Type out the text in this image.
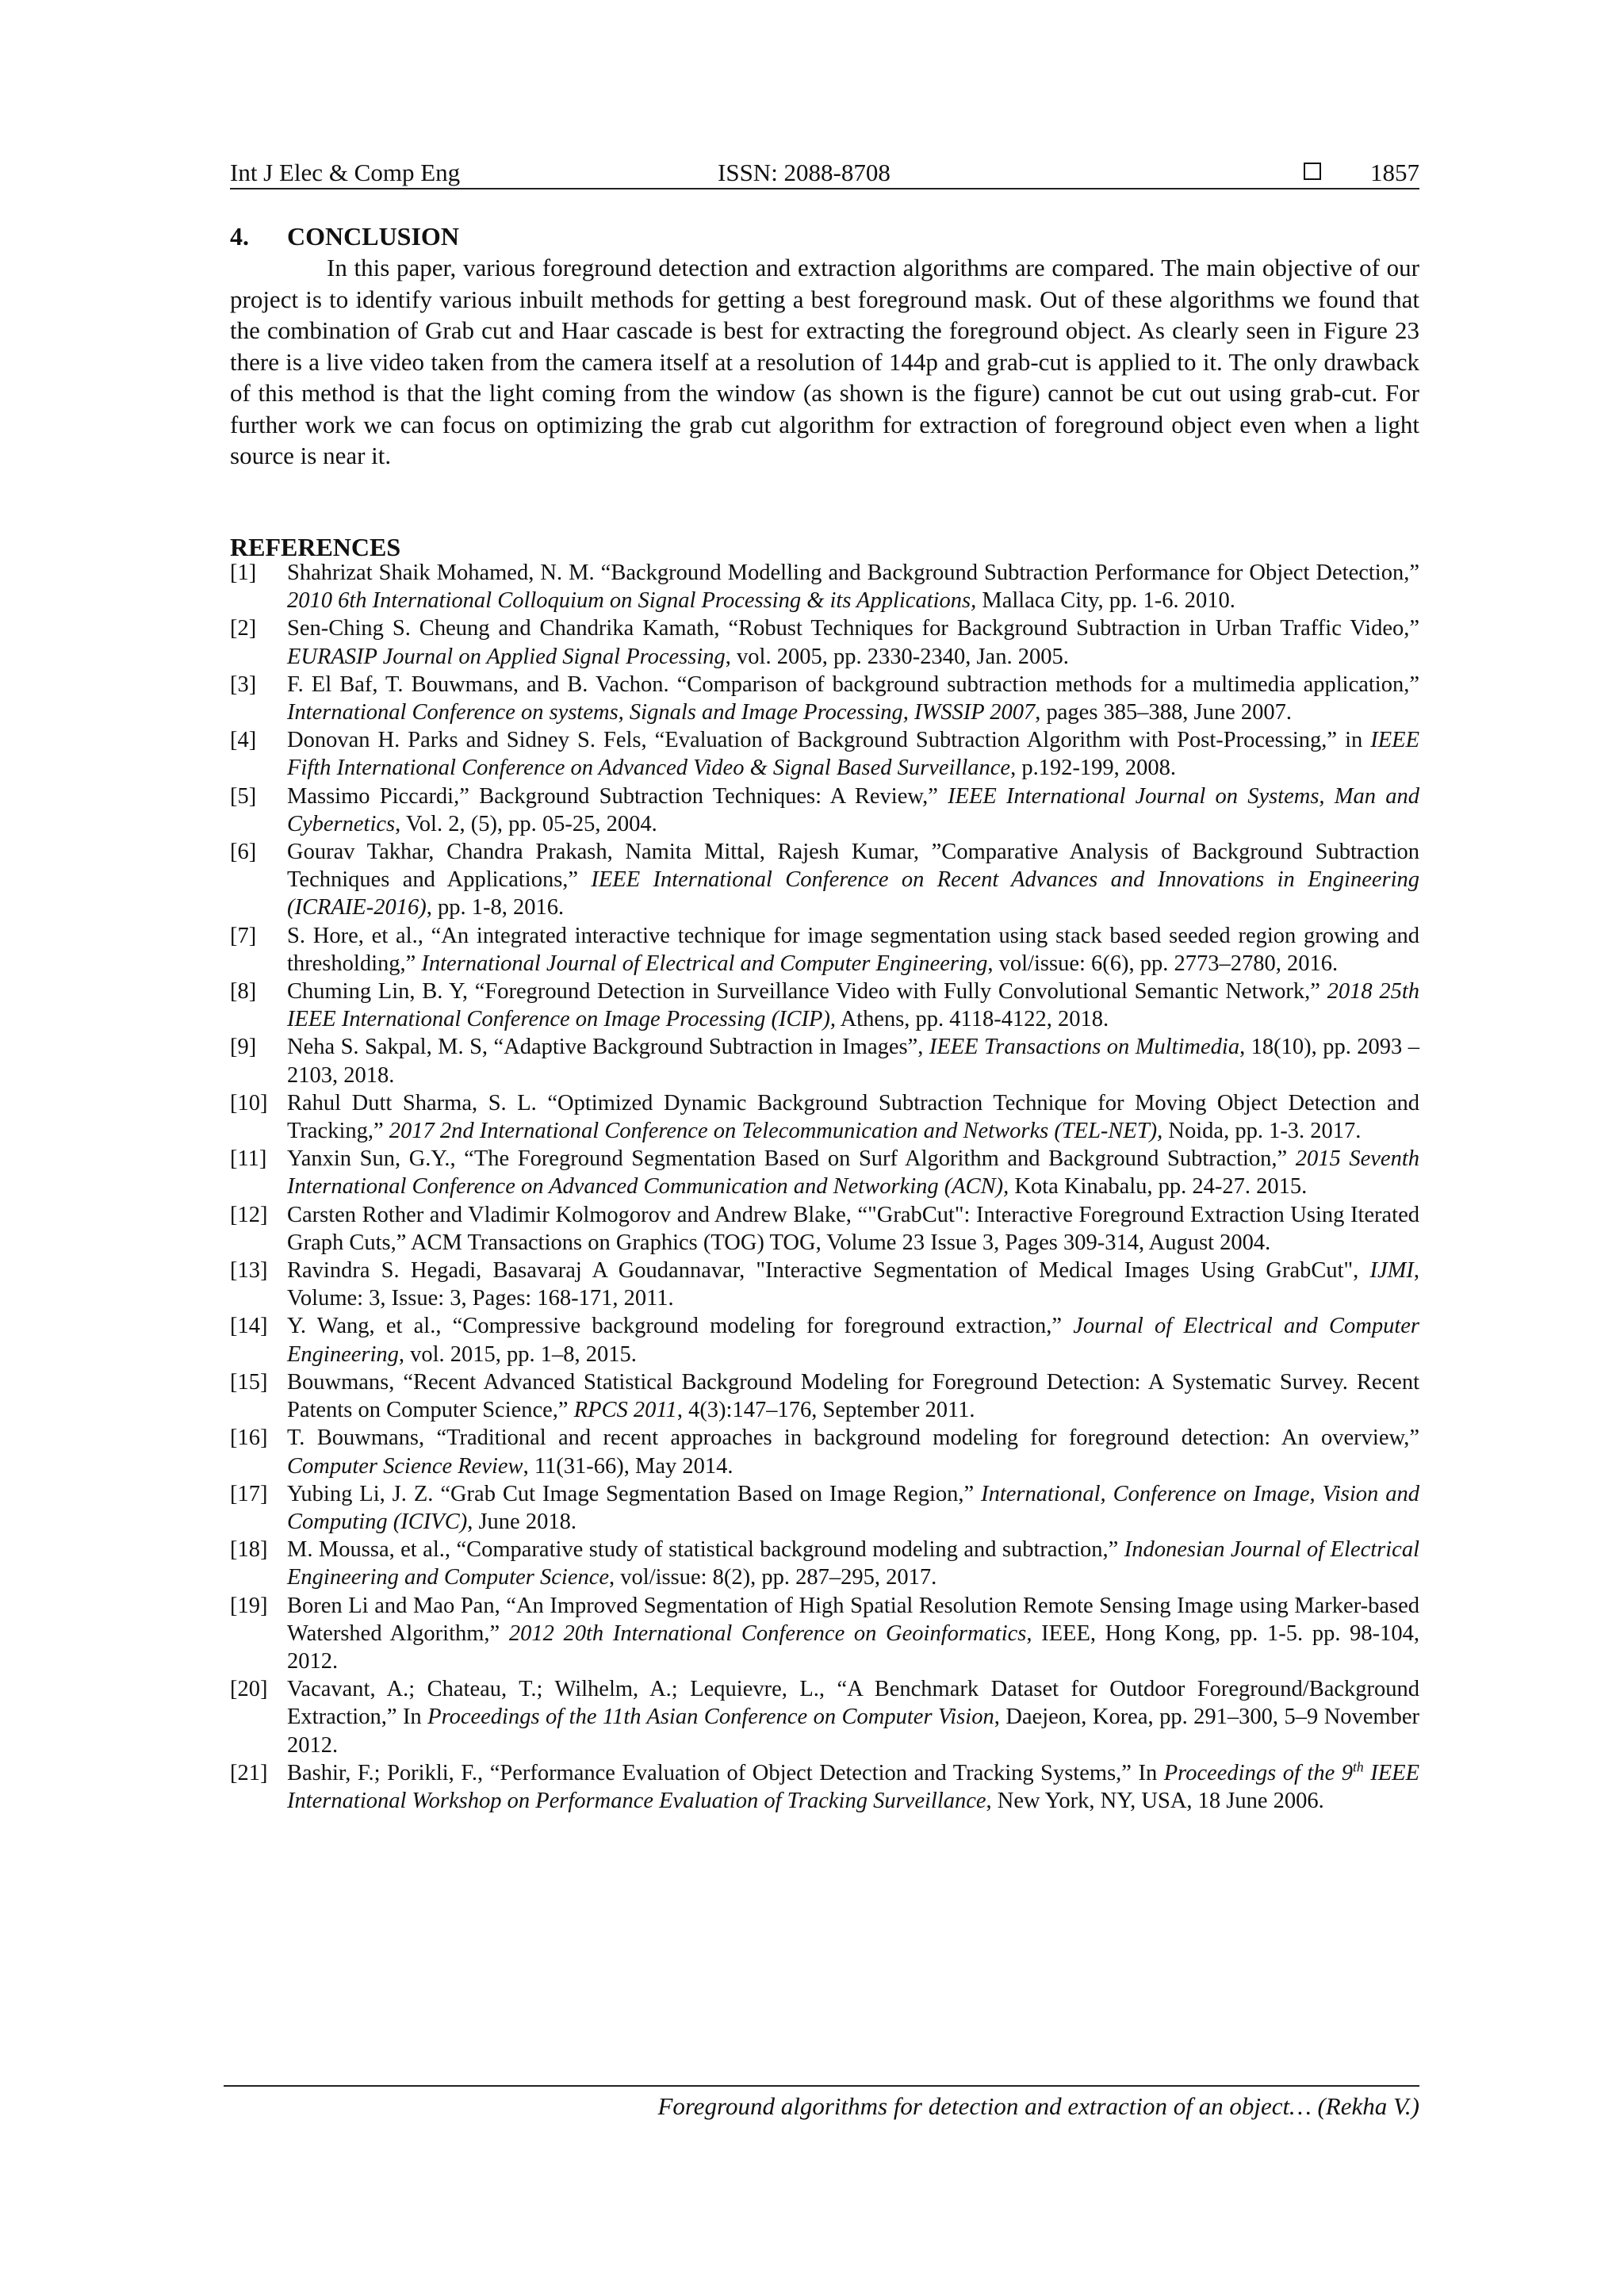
Int J Elec & Comp Eng	ISSN: 2088-8708	1857
4. CONCLUSION

In this paper, various foreground detection and extraction algorithms are compared. The main objective of our project is to identify various inbuilt methods for getting a best foreground mask. Out of these algorithms we found that the combination of Grab cut and Haar cascade is best for extracting the foreground object. As clearly seen in Figure 23 there is a live video taken from the camera itself at a resolution of 144p and grab-cut is applied to it. The only drawback of this method is that the light coming from the window (as shown is the figure) cannot be cut out using grab-cut. For further work we can focus on optimizing the grab cut algorithm for extraction of foreground object even when a light source is near it.

REFERENCES
[1] Shahrizat Shaik Mohamed, N. M. “Background Modelling and Background Subtraction Performance for Object Detection,” 2010 6th International Colloquium on Signal Processing & its Applications, Mallaca City, pp. 1-6. 2010.
[2] Sen-Ching S. Cheung and Chandrika Kamath, “Robust Techniques for Background Subtraction in Urban Traffic Video,” EURASIP Journal on Applied Signal Processing, vol. 2005, pp. 2330-2340, Jan. 2005.
[3] F. El Baf, T. Bouwmans, and B. Vachon. “Comparison of background subtraction methods for a multimedia application,” International Conference on systems, Signals and Image Processing, IWSSIP 2007, pages 385–388, June 2007.
[4] Donovan H. Parks and Sidney S. Fels, “Evaluation of Background Subtraction Algorithm with Post-Processing,” in IEEE Fifth International Conference on Advanced Video & Signal Based Surveillance, p.192-199, 2008.
[5] Massimo Piccardi,” Background Subtraction Techniques: A Review,” IEEE International Journal on Systems, Man and Cybernetics, Vol. 2, (5), pp. 05-25, 2004.
[6] Gourav Takhar, Chandra Prakash, Namita Mittal, Rajesh Kumar, ”Comparative Analysis of Background Subtraction Techniques and Applications,” IEEE International Conference on Recent Advances and Innovations in Engineering (ICRAIE-2016), pp. 1-8, 2016.
[7] S. Hore, et al., “An integrated interactive technique for image segmentation using stack based seeded region growing and thresholding,” International Journal of Electrical and Computer Engineering, vol/issue: 6(6), pp. 2773–2780, 2016.
[8] Chuming Lin, B. Y, “Foreground Detection in Surveillance Video with Fully Convolutional Semantic Network,” 2018 25th IEEE International Conference on Image Processing (ICIP), Athens, pp. 4118-4122, 2018.
[9] Neha S. Sakpal, M. S, “Adaptive Background Subtraction in Images”, IEEE Transactions on Multimedia, 18(10), pp. 2093 – 2103, 2018.
[10] Rahul Dutt Sharma, S. L. “Optimized Dynamic Background Subtraction Technique for Moving Object Detection and Tracking,” 2017 2nd International Conference on Telecommunication and Networks (TEL-NET), Noida, pp. 1-3. 2017.
[11] Yanxin Sun, G.Y., “The Foreground Segmentation Based on Surf Algorithm and Background Subtraction,” 2015 Seventh International Conference on Advanced Communication and Networking (ACN), Kota Kinabalu, pp. 24-27. 2015.
[12] Carsten Rother and Vladimir Kolmogorov and Andrew Blake, “"GrabCut": Interactive Foreground Extraction Using Iterated Graph Cuts,” ACM Transactions on Graphics (TOG) TOG, Volume 23 Issue 3, Pages 309-314, August 2004.
[13] Ravindra S. Hegadi, Basavaraj A Goudannavar, "Interactive Segmentation of Medical Images Using GrabCut", IJMI, Volume: 3, Issue: 3, Pages: 168-171, 2011.
[14] Y. Wang, et al., “Compressive background modeling for foreground extraction,” Journal of Electrical and Computer Engineering, vol. 2015, pp. 1–8, 2015.
[15] Bouwmans, “Recent Advanced Statistical Background Modeling for Foreground Detection: A Systematic Survey. Recent Patents on Computer Science,” RPCS 2011, 4(3):147–176, September 2011.
[16] T. Bouwmans, “Traditional and recent approaches in background modeling for foreground detection: An overview,” Computer Science Review, 11(31-66), May 2014.
[17] Yubing Li, J. Z. “Grab Cut Image Segmentation Based on Image Region,” International, Conference on Image, Vision and Computing (ICIVC), June 2018.
[18] M. Moussa, et al., “Comparative study of statistical background modeling and subtraction,” Indonesian Journal of Electrical Engineering and Computer Science, vol/issue: 8(2), pp. 287–295, 2017.
[19] Boren Li and Mao Pan, “An Improved Segmentation of High Spatial Resolution Remote Sensing Image using Marker-based Watershed Algorithm,” 2012 20th International Conference on Geoinformatics, IEEE, Hong Kong, pp. 1-5. pp. 98-104, 2012.
[20] Vacavant, A.; Chateau, T.; Wilhelm, A.; Lequievre, L., “A Benchmark Dataset for Outdoor Foreground/Background Extraction,” In Proceedings of the 11th Asian Conference on Computer Vision, Daejeon, Korea, pp. 291–300, 5–9 November 2012.
[21] Bashir, F.; Porikli, F., “Performance Evaluation of Object Detection and Tracking Systems,” In Proceedings of the 9th IEEE International Workshop on Performance Evaluation of Tracking Surveillance, New York, NY, USA, 18 June 2006.
Foreground algorithms for detection and extraction of an object… (Rekha V.)
